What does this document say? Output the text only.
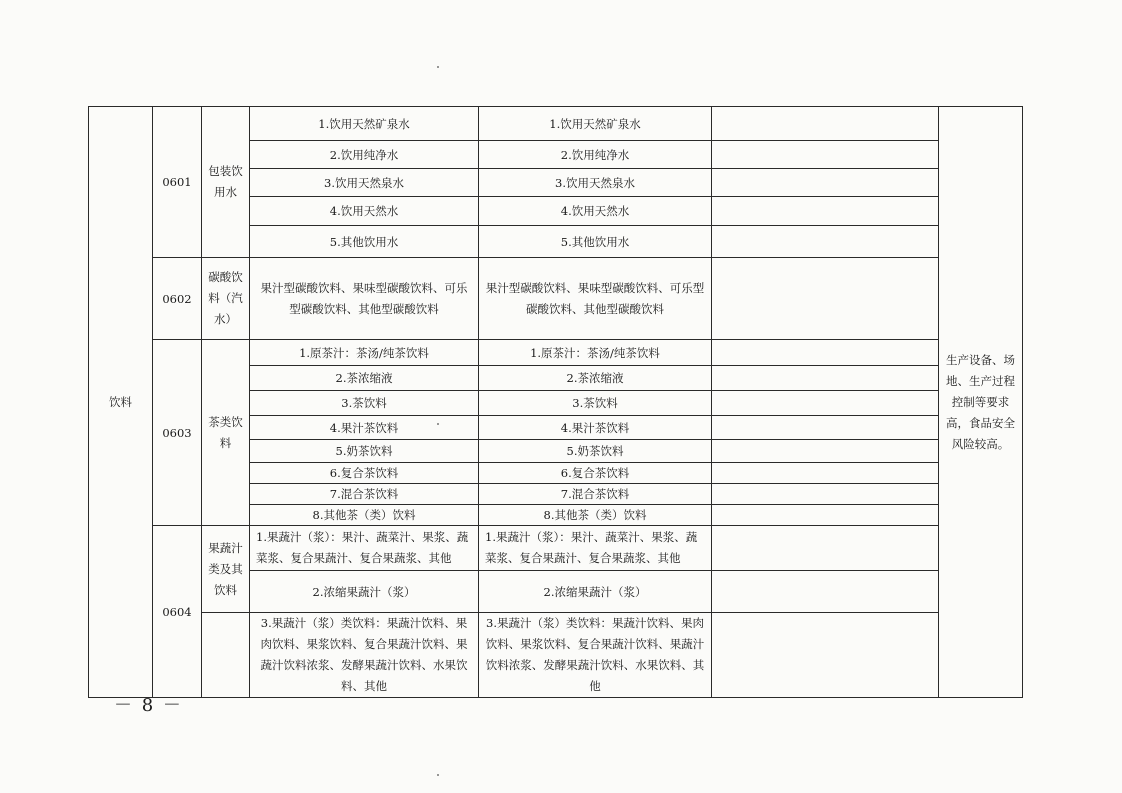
饮料	0601	包装饮用水	1.饮用天然矿泉水	1.饮用天然矿泉水		生产设备、场地、生产过程控制等要求高，食品安全风险较高。
			2.饮用纯净水	2.饮用纯净水		
			3.饮用天然泉水	3.饮用天然泉水		
			4.饮用天然水	4.饮用天然水		
			5.其他饮用水	5.其他饮用水		
	0602	碳酸饮料（汽水）	果汁型碳酸饮料、果味型碳酸饮料、可乐型碳酸饮料、其他型碳酸饮料	果汁型碳酸饮料、果味型碳酸饮料、可乐型碳酸饮料、其他型碳酸饮料		
	0603	茶类饮料	1.原茶汁：茶汤/纯茶饮料	1.原茶汁：茶汤/纯茶饮料		
			2.茶浓缩液	2.茶浓缩液		
			3.茶饮料	3.茶饮料		
			4.果汁茶饮料	4.果汁茶饮料		
			5.奶茶饮料	5.奶茶饮料		
			6.复合茶饮料	6.复合茶饮料		
			7.混合茶饮料	7.混合茶饮料		
			8.其他茶（类）饮料	8.其他茶（类）饮料		
	0604	果蔬汁类及其饮料	1.果蔬汁（浆）：果汁、蔬菜汁、果浆、蔬菜浆、复合果蔬汁、复合果蔬浆、其他	1.果蔬汁（浆）：果汁、蔬菜汁、果浆、蔬菜浆、复合果蔬汁、复合果蔬浆、其他		
			2.浓缩果蔬汁（浆）	2.浓缩果蔬汁（浆）		
			3.果蔬汁（浆）类饮料：果蔬汁饮料、果肉饮料、果浆饮料、复合果蔬汁饮料、果蔬汁饮料浓浆、发酵果蔬汁饮料、水果饮料、其他	3.果蔬汁（浆）类饮料：果蔬汁饮料、果肉饮料、果浆饮料、复合果蔬汁饮料、果蔬汁饮料浓浆、发酵果蔬汁饮料、水果饮料、其他		
－ 8 －
